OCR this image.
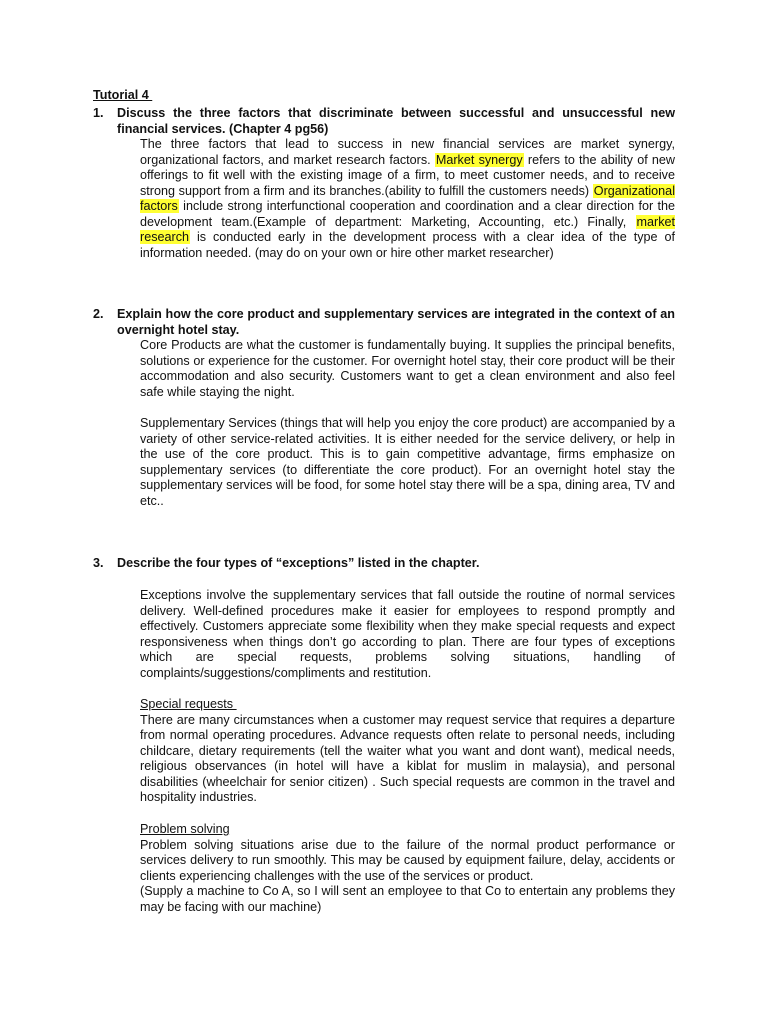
Tutorial 4
1. Discuss the three factors that discriminate between successful and unsuccessful new financial services. (Chapter 4 pg56)

The three factors that lead to success in new financial services are market synergy, organizational factors, and market research factors. Market synergy refers to the ability of new offerings to fit well with the existing image of a firm, to meet customer needs, and to receive strong support from a firm and its branches.(ability to fulfill the customers needs) Organizational factors include strong interfunctional cooperation and coordination and a clear direction for the development team.(Example of department: Marketing, Accounting, etc.) Finally, market research is conducted early in the development process with a clear idea of the type of information needed. (may do on your own or hire other market researcher)

2. Explain how the core product and supplementary services are integrated in the context of an overnight hotel stay.

Core Products are what the customer is fundamentally buying. It supplies the principal benefits, solutions or experience for the customer. For overnight hotel stay, their core product will be their accommodation and also security. Customers want to get a clean environment and also feel safe while staying the night.

Supplementary Services (things that will help you enjoy the core product) are accompanied by a variety of other service-related activities. It is either needed for the service delivery, or help in the use of the core product. This is to gain competitive advantage, firms emphasize on supplementary services (to differentiate the core product). For an overnight hotel stay the supplementary services will be food, for some hotel stay there will be a spa, dining area, TV and etc..

3. Describe the four types of “exceptions” listed in the chapter.

Exceptions involve the supplementary services that fall outside the routine of normal services delivery. Well-defined procedures make it easier for employees to respond promptly and effectively. Customers appreciate some flexibility when they make special requests and expect responsiveness when things don’t go according to plan. There are four types of exceptions which are special requests, problems solving situations, handling of complaints/suggestions/compliments and restitution.

Special requests

There are many circumstances when a customer may request service that requires a departure from normal operating procedures. Advance requests often relate to personal needs, including childcare, dietary requirements (tell the waiter what you want and dont want), medical needs, religious observances (in hotel will have a kiblat for muslim in malaysia), and personal disabilities (wheelchair for senior citizen) . Such special requests are common in the travel and hospitality industries.

Problem solving

Problem solving situations arise due to the failure of the normal product performance or services delivery to run smoothly. This may be caused by equipment failure, delay, accidents or clients experiencing challenges with the use of the services or product.

(Supply a machine to Co A, so I will sent an employee to that Co to entertain any problems they may be facing with our machine)
